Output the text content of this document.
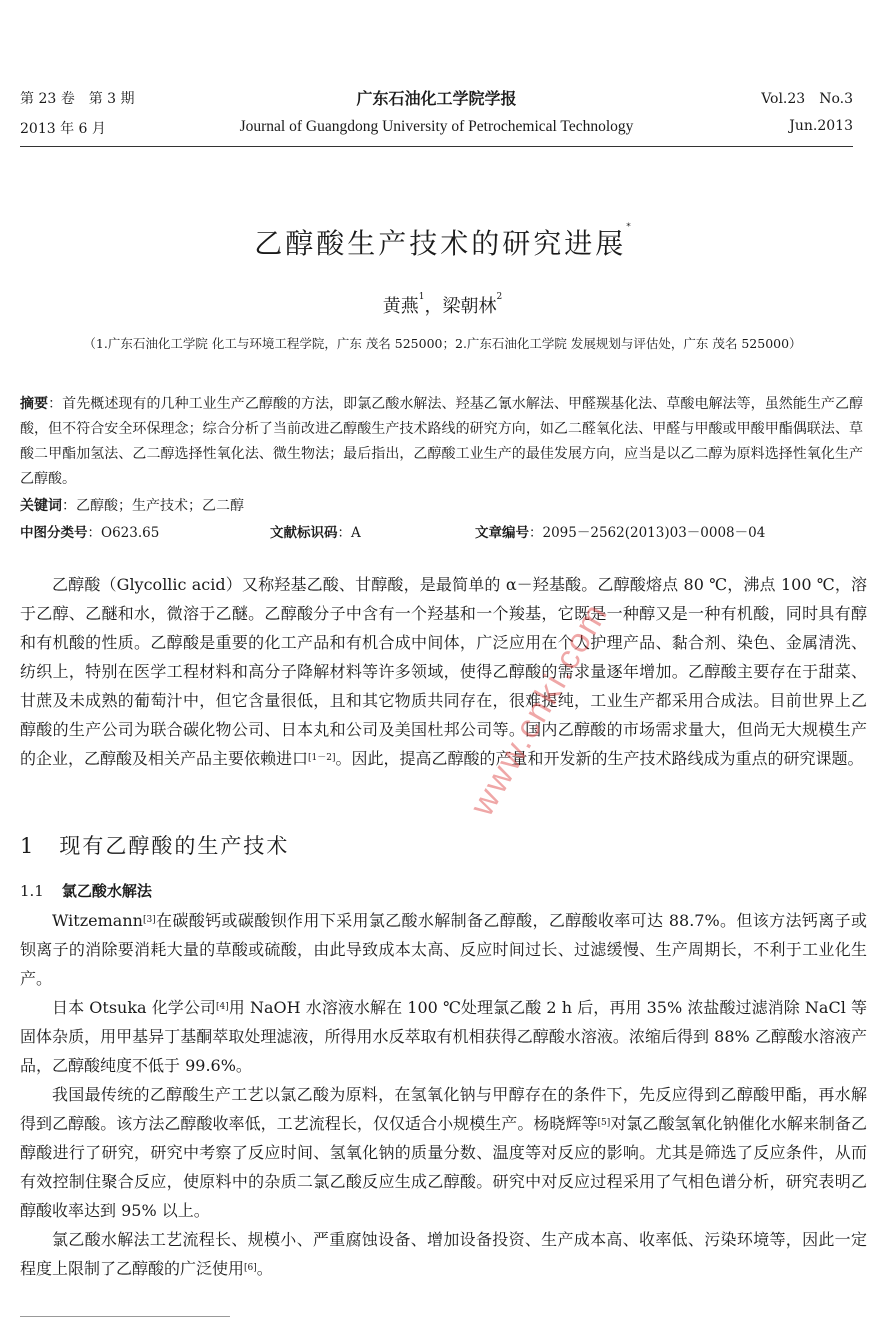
第 23 卷　第 3 期	广东石油化工学院学报	Vol.23　No.3
2013 年 6 月	Journal of Guangdong University of Petrochemical Technology	Jun.2013
乙醇酸生产技术的研究进展*
黄燕$^1$，梁朝林$^2$
（1.广东石油化工学院 化工与环境工程学院，广东 茂名 525000；2.广东石油化工学院 发展规划与评估处，广东 茂名 525000）
摘要：首先概述现有的几种工业生产乙醇酸的方法，即氯乙酸水解法、羟基乙氰水解法、甲醛羰基化法、草酸电解法等，虽然能生产乙醇酸，但不符合安全环保理念；综合分析了当前改进乙醇酸生产技术路线的研究方向，如乙二醛氧化法、甲醛与甲酸或甲酸甲酯偶联法、草酸二甲酯加氢法、乙二醇选择性氧化法、微生物法；最后指出，乙醇酸工业生产的最佳发展方向，应当是以乙二醇为原料选择性氧化生产乙醇酸。
关键词：乙醇酸；生产技术；乙二醇
中图分类号：O623.65	文献标识码：A	文章编号：2095－2562(2013)03－0008－04

乙醇酸（Glycollic acid）又称羟基乙酸、甘醇酸，是最简单的 α－羟基酸。乙醇酸熔点 80 ℃，沸点 100 ℃，溶于乙醇、乙醚和水，微溶于乙醚。乙醇酸分子中含有一个羟基和一个羧基，它既是一种醇又是一种有机酸，同时具有醇和有机酸的性质。乙醇酸是重要的化工产品和有机合成中间体，广泛应用在个人护理产品、黏合剂、染色、金属清洗、纺织上，特别在医学工程材料和高分子降解材料等许多领域，使得乙醇酸的需求量逐年增加。乙醇酸主要存在于甜菜、甘蔗及未成熟的葡萄汁中，但它含量很低，且和其它物质共同存在，很难提纯，工业生产都采用合成法。目前世界上乙醇酸的生产公司为联合碳化物公司、日本丸和公司及美国杜邦公司等。国内乙醇酸的市场需求量大，但尚无大规模生产的企业，乙醇酸及相关产品主要依赖进口[1－2]。因此，提高乙醇酸的产量和开发新的生产技术路线成为重点的研究课题。

1 现有乙醇酸的生产技术
1.1 氯乙酸水解法

Witzemann[3]在碳酸钙或碳酸钡作用下采用氯乙酸水解制备乙醇酸，乙醇酸收率可达 88.7%。但该方法钙离子或钡离子的消除要消耗大量的草酸或硫酸，由此导致成本太高、反应时间过长、过滤缓慢、生产周期长，不利于工业化生产。

日本 Otsuka 化学公司[4]用 NaOH 水溶液水解在 100 ℃处理氯乙酸 2 h 后，再用 35% 浓盐酸过滤消除 NaCl 等固体杂质，用甲基异丁基酮萃取处理滤液，所得用水反萃取有机相获得乙醇酸水溶液。浓缩后得到 88% 乙醇酸水溶液产品，乙醇酸纯度不低于 99.6%。

我国最传统的乙醇酸生产工艺以氯乙酸为原料，在氢氧化钠与甲醇存在的条件下，先反应得到乙醇酸甲酯，再水解得到乙醇酸。该方法乙醇酸收率低，工艺流程长，仅仅适合小规模生产。杨晓辉等[5]对氯乙酸氢氧化钠催化水解来制备乙醇酸进行了研究，研究中考察了反应时间、氢氧化钠的质量分数、温度等对反应的影响。尤其是筛选了反应条件，从而有效控制住聚合反应，使原料中的杂质二氯乙酸反应生成乙醇酸。研究中对反应过程采用了气相色谱分析，研究表明乙醇酸收率达到 95% 以上。

氯乙酸水解法工艺流程长、规模小、严重腐蚀设备、增加设备投资、生产成本高、收率低、污染环境等，因此一定程度上限制了乙醇酸的广泛使用[6]。

www.cnki.com
